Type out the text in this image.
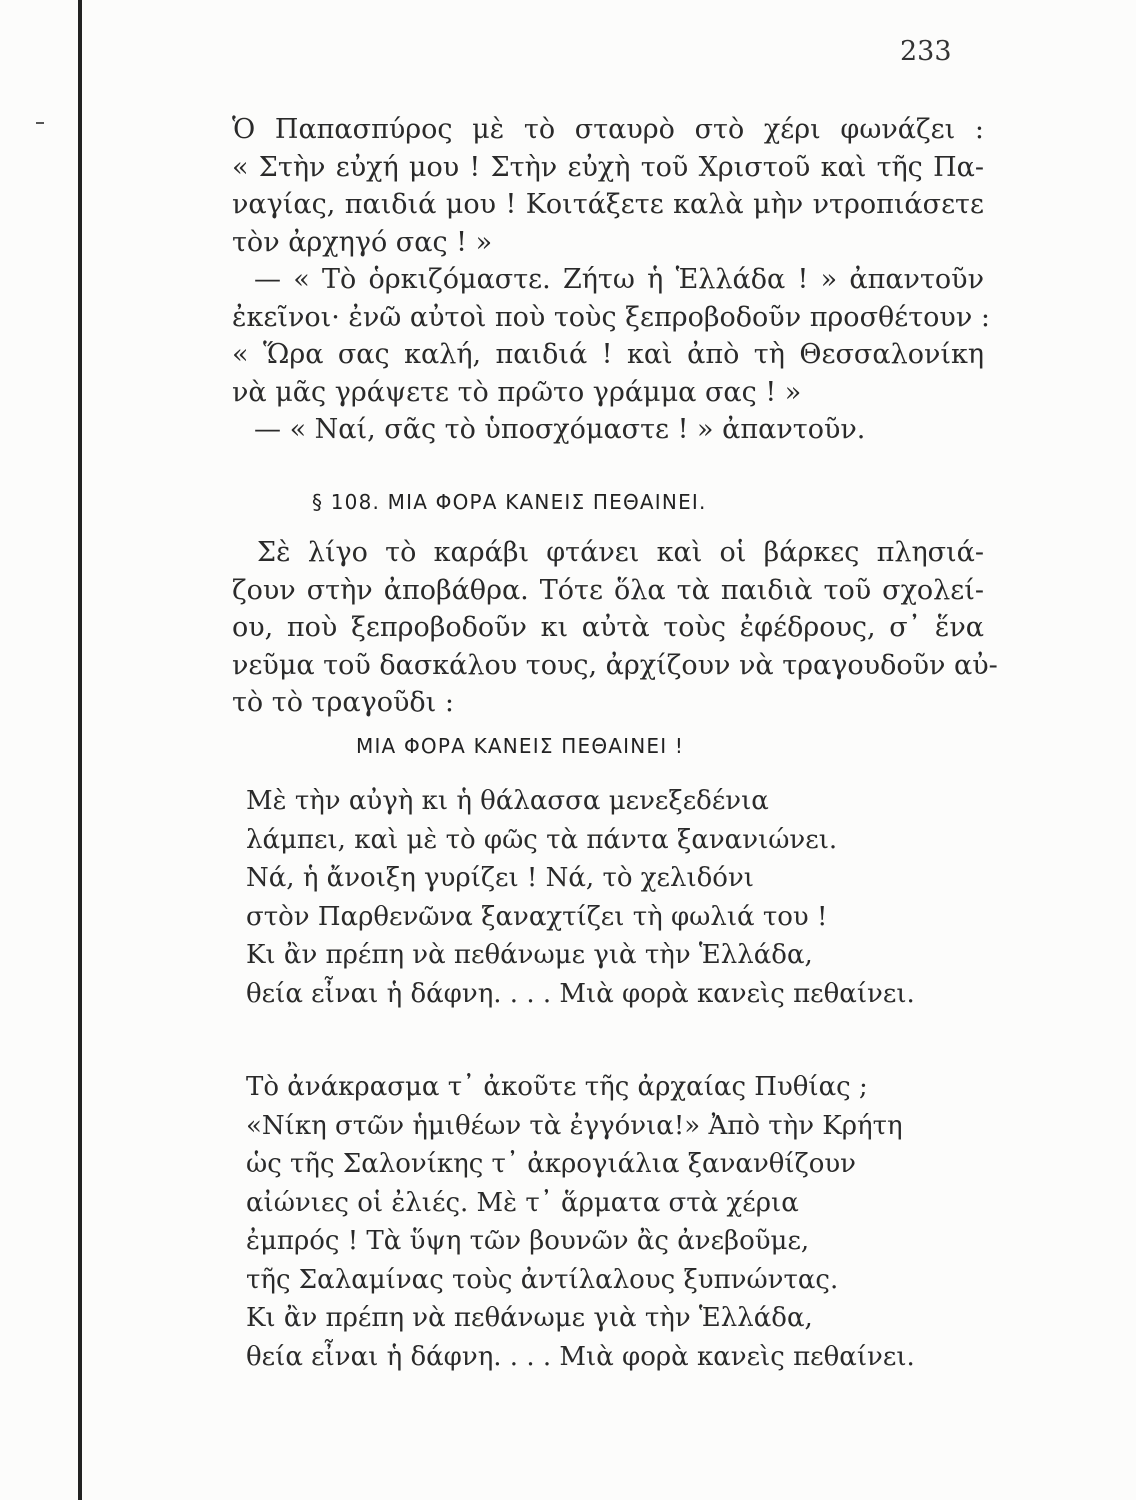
233
Ὁ Παπασπύρος μὲ τὸ σταυρὸ στὸ χέρι φωνάζει :
« Στὴν εὐχή μου ! Στὴν εὐχὴ τοῦ Χριστοῦ καὶ τῆς Πα-
ναγίας, παιδιά μου ! Κοιτάξετε καλὰ μὴν ντροπιάσετε
τὸν ἀρχηγό σας ! »
— « Τὸ ὁρκιζόμαστε. Ζήτω ἡ Ἑλλάδα ! » ἀπαντοῦν
ἐκεῖνοι· ἐνῶ αὐτοὶ ποὺ τοὺς ξεπροβοδοῦν προσθέτουν :
« Ὥρα σας καλή, παιδιά ! καὶ ἀπὸ τὴ Θεσσαλονίκη
νὰ μᾶς γράψετε τὸ πρῶτο γράμμα σας ! »
— « Ναί, σᾶς τὸ ὑποσχόμαστε ! » ἀπαντοῦν.
§ 108. ΜΙΑ ΦΟΡΑ ΚΑΝΕΙΣ ΠΕΘΑΙΝΕΙ.
Σὲ λίγο τὸ καράβι φτάνει καὶ οἱ βάρκες πλησιά-
ζουν στὴν ἀποβάθρα. Τότε ὅλα τὰ παιδιὰ τοῦ σχολεί-
ου, ποὺ ξεπροβοδοῦν κι αὐτὰ τοὺς ἐφέδρους, σ᾽ ἕνα
νεῦμα τοῦ δασκάλου τους, ἀρχίζουν νὰ τραγουδοῦν αὐ-
τὸ τὸ τραγοῦδι :
ΜΙΑ ΦΟΡΑ ΚΑΝΕΙΣ ΠΕΘΑΙΝΕΙ !
Μὲ τὴν αὐγὴ κι ἡ θάλασσα μενεξεδένια
λάμπει, καὶ μὲ τὸ φῶς τὰ πάντα ξανανιώνει.
Νά, ἡ ἄνοιξη γυρίζει ! Νά, τὸ χελιδόνι
στὸν Παρθενῶνα ξαναχτίζει τὴ φωλιά του !
Κι ἂν πρέπη νὰ πεθάνωμε γιὰ τὴν Ἑλλάδα,
θεία εἶναι ἡ δάφνη. . . . Μιὰ φορὰ κανεὶς πεθαίνει.
Τὸ ἀνάκρασμα τ᾽ ἀκοῦτε τῆς ἀρχαίας Πυθίας ;
«Νίκη στῶν ἡμιθέων τὰ ἐγγόνια!» Ἀπὸ τὴν Κρήτη
ὡς τῆς Σαλονίκης τ᾽ ἀκρογιάλια ξανανθίζουν
αἰώνιες οἱ ἐλιές. Μὲ τ᾽ ἅρματα στὰ χέρια
ἐμπρός ! Τὰ ὕψη τῶν βουνῶν ἂς ἀνεβοῦμε,
τῆς Σαλαμίνας τοὺς ἀντίλαλους ξυπνώντας.
Κι ἂν πρέπη νὰ πεθάνωμε γιὰ τὴν Ἑλλάδα,
θεία εἶναι ἡ δάφνη. . . . Μιὰ φορὰ κανεὶς πεθαίνει.
